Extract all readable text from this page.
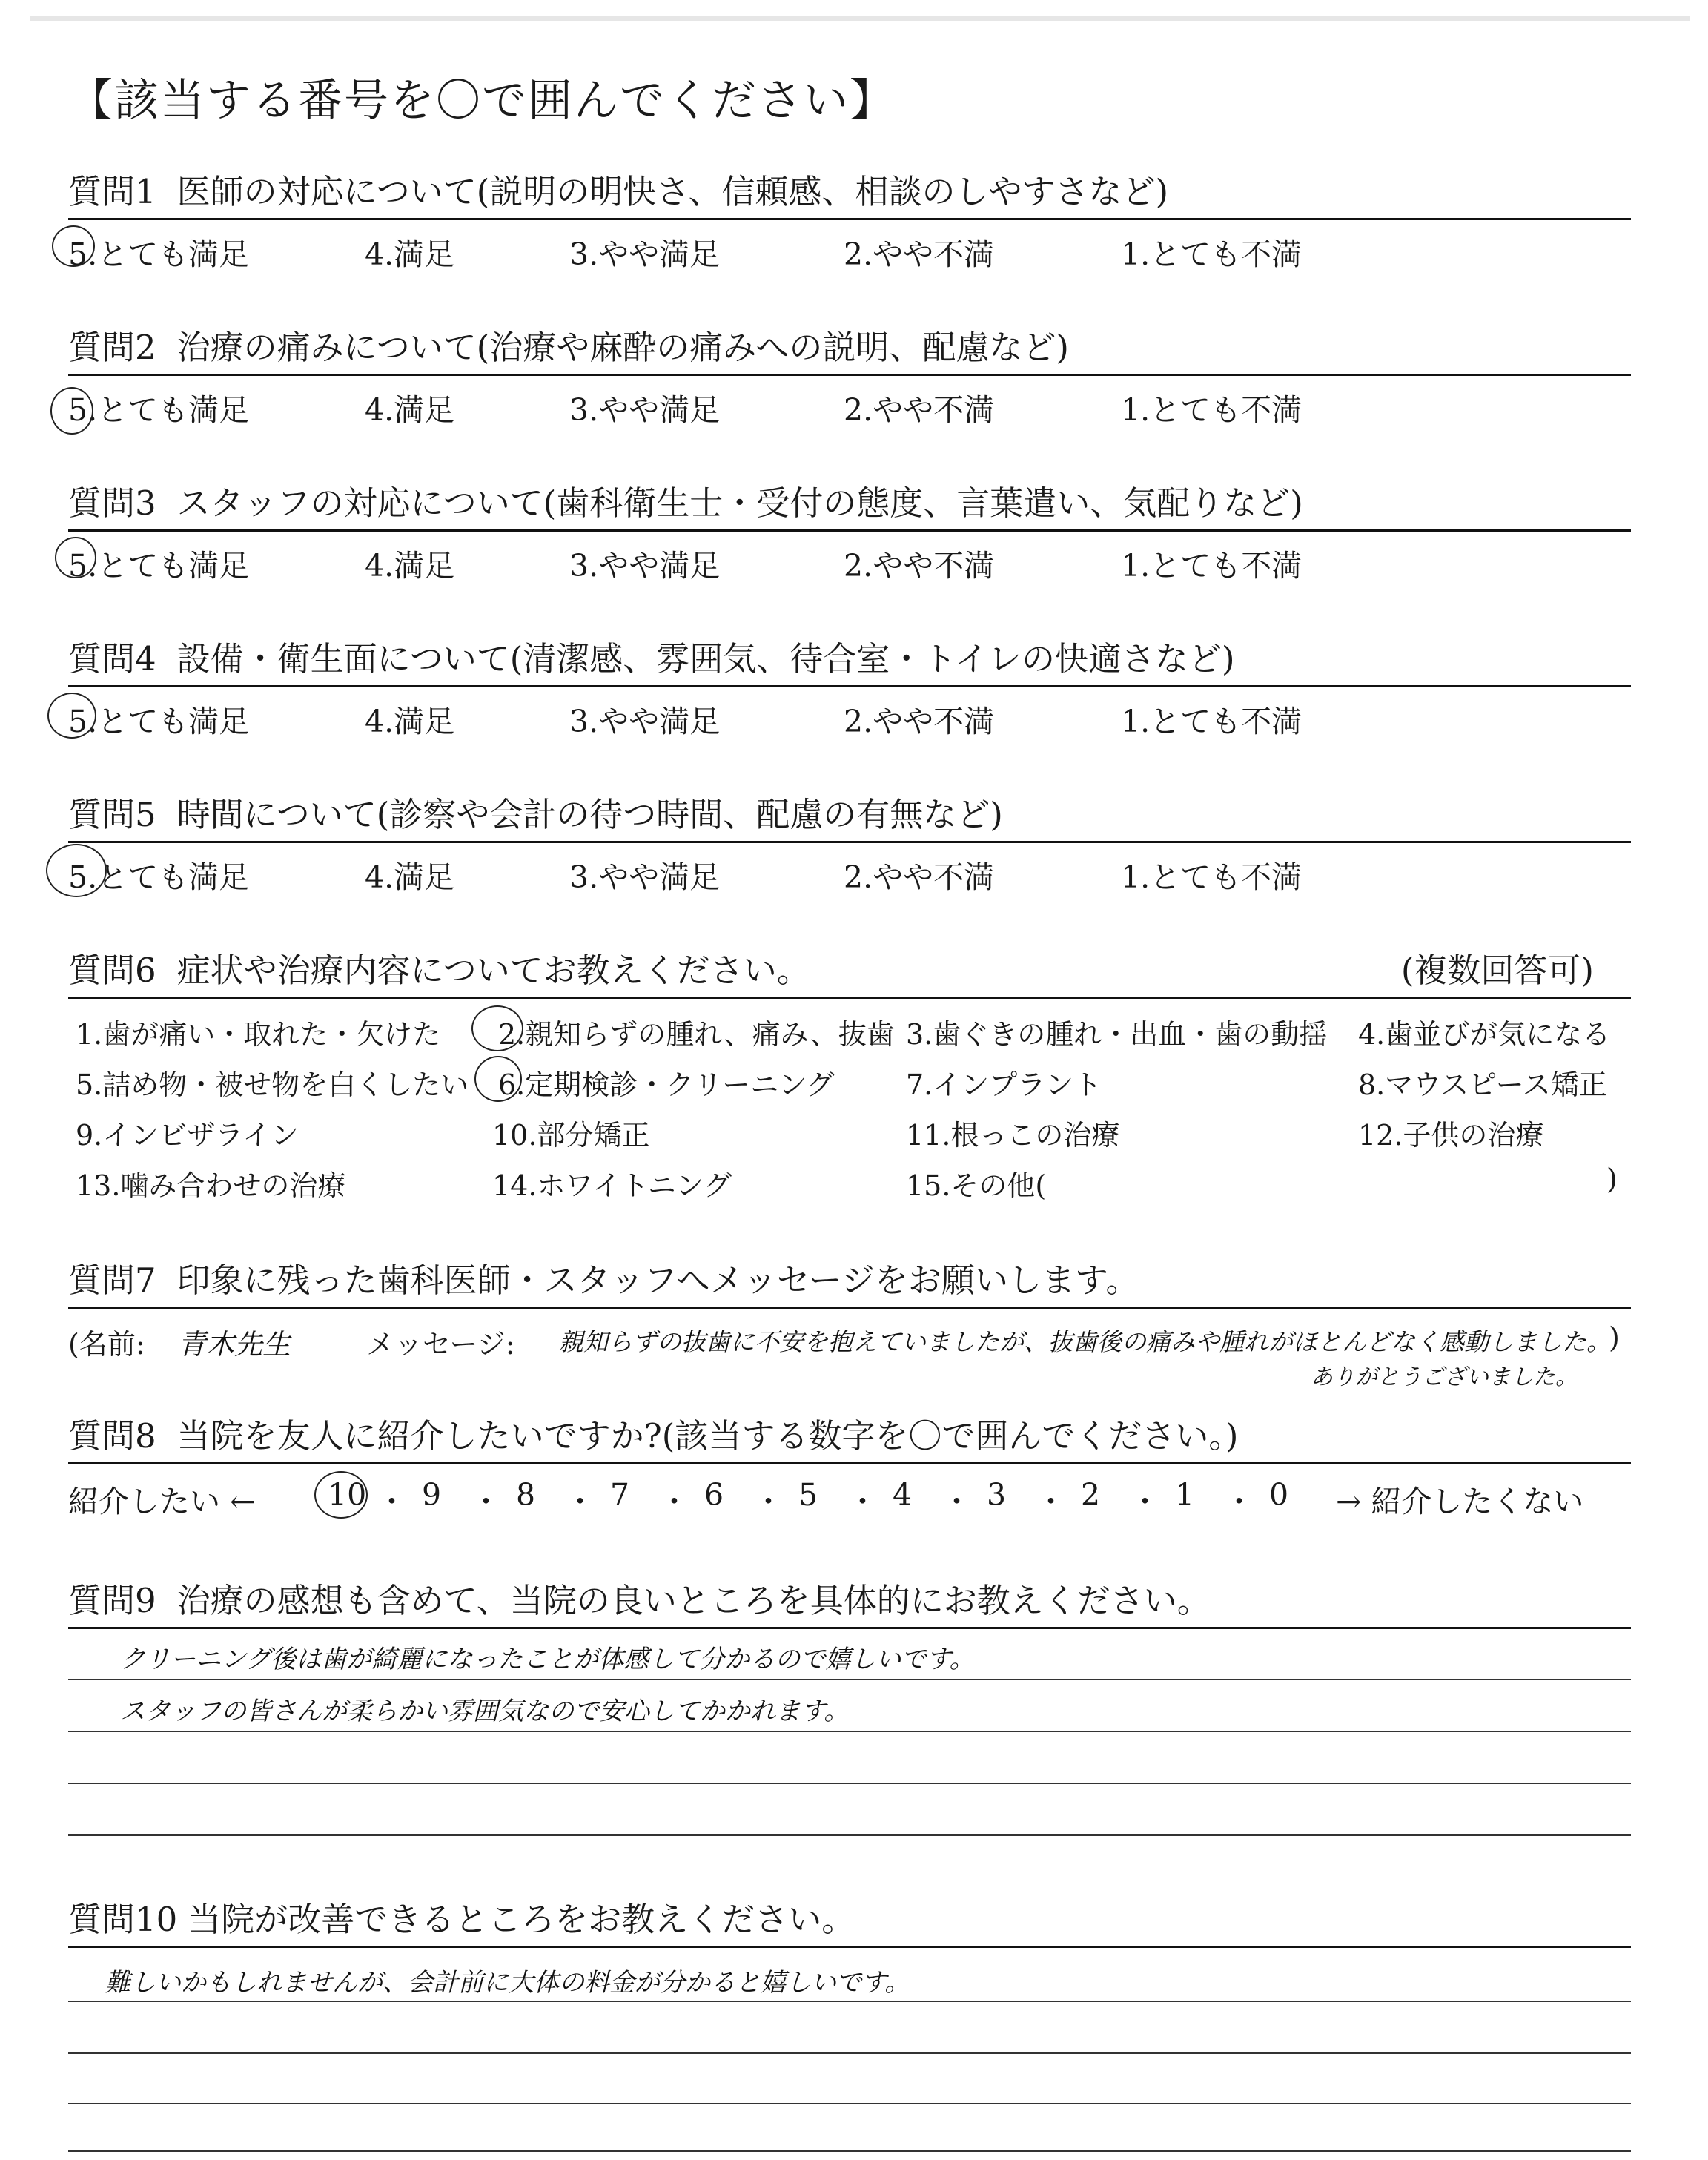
【該当する番号を〇で囲んでください】
質問1 医師の対応について(説明の明快さ、信頼感、相談のしやすさなど)
5.とても満足	4.満足	3.やや満足	2.やや不満	1.とても不満
質問2 治療の痛みについて(治療や麻酔の痛みへの説明、配慮など)
5.とても満足	4.満足	3.やや満足	2.やや不満	1.とても不満
質問3 スタッフの対応について(歯科衛生士・受付の態度、言葉遣い、気配りなど)
5.とても満足	4.満足	3.やや満足	2.やや不満	1.とても不満
質問4 設備・衛生面について(清潔感、雰囲気、待合室・トイレの快適さなど)
5.とても満足	4.満足	3.やや満足	2.やや不満	1.とても不満
質問5 時間について(診察や会計の待つ時間、配慮の有無など)
5.とても満足	4.満足	3.やや満足	2.やや不満	1.とても不満
質問6 症状や治療内容についてお教えください。	(複数回答可)
1.歯が痛い・取れた・欠けた 2.親知らずの腫れ、痛み、抜歯 3.歯ぐきの腫れ・出血・歯の動揺 4.歯並びが気になる
5.詰め物・被せ物を白くしたい 6.定期検診・クリーニング	7.インプラント	8.マウスピース矯正
9.インビザライン	10.部分矯正	11.根っこの治療	12.子供の治療
13.噛み合わせの治療	14.ホワイトニング	15.その他(	)
質問7 印象に残った歯科医師・スタッフへメッセージをお願いします。
(名前: 青木先生	メッセージ: 親知らずの抜歯に不安を抱えていましたが、抜歯後の痛みや腫れがほとんどなく感動しました。
ありがとうございました。
)
質問8 当院を友人に紹介したいですか?(該当する数字を〇で囲んでください。)
紹介したい ← 10 ・ 9 ・ 8 ・ 7 ・ 6 ・ 5 ・ 4 ・ 3 ・ 2 ・ 1 ・ 0 → 紹介したくない
質問9 治療の感想も含めて、当院の良いところを具体的にお教えください。
クリーニング後は歯が綺麗になったことが体感して分かるので嬉しいです。
スタッフの皆さんが柔らかい雰囲気なので安心してかかれます。
質問10 当院が改善できるところをお教えください。
難しいかもしれませんが、会計前に大体の料金が分かると嬉しいです。
